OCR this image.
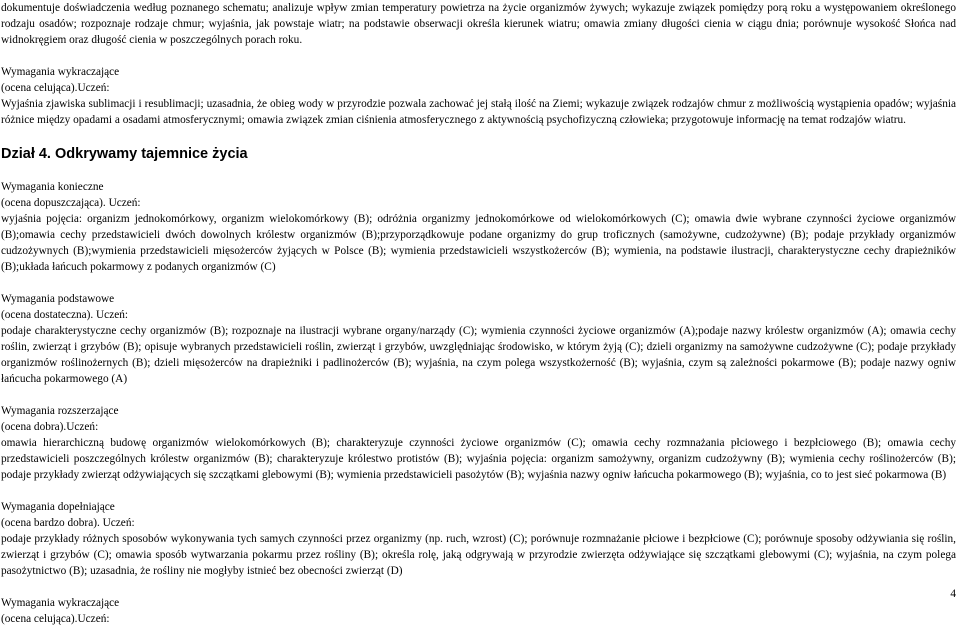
dokumentuje doświadczenia według poznanego schematu; analizuje wpływ zmian temperatury powietrza na życie organizmów żywych; wykazuje związek pomiędzy porą roku a występowaniem określonego rodzaju osadów; rozpoznaje rodzaje chmur; wyjaśnia, jak powstaje wiatr; na podstawie obserwacji określa kierunek wiatru; omawia zmiany długości cienia w ciągu dnia; porównuje wysokość Słońca nad widnokręgiem oraz długość cienia w poszczególnych porach roku.

Wymagania wykraczające
(ocena celująca).Uczeń:

Wyjaśnia zjawiska sublimacji i resublimacji; uzasadnia, że obieg wody w przyrodzie pozwala zachować jej stałą ilość na Ziemi; wykazuje związek rodzajów chmur z możliwością wystąpienia opadów; wyjaśnia różnice między opadami a osadami atmosferycznymi; omawia związek zmian ciśnienia atmosferycznego z aktywnością psychofizyczną człowieka; przygotowuje informację na temat rodzajów wiatru.

Dział 4. Odkrywamy tajemnice życia
Wymagania konieczne
(ocena dopuszczająca). Uczeń:

wyjaśnia pojęcia: organizm jednokomórkowy, organizm wielokomórkowy (B); odróżnia organizmy jednokomórkowe od wielokomórkowych (C); omawia dwie wybrane czynności życiowe organizmów (B);omawia cechy przedstawicieli dwóch dowolnych królestw organizmów (B);przyporządkowuje podane organizmy do grup troficznych (samożywne, cudzożywne) (B); podaje przykłady organizmów cudzożywnych (B);wymienia przedstawicieli mięsożerców żyjących w Polsce (B); wymienia przedstawicieli wszystkożerców (B); wymienia, na podstawie ilustracji, charakterystyczne cechy drapieżników (B);układa łańcuch pokarmowy z podanych organizmów (C)

Wymagania podstawowe
(ocena dostateczna). Uczeń:

podaje charakterystyczne cechy organizmów (B); rozpoznaje na ilustracji wybrane organy/narządy (C); wymienia czynności życiowe organizmów (A);podaje nazwy królestw organizmów (A); omawia cechy roślin, zwierząt i grzybów (B); opisuje wybranych przedstawicieli roślin, zwierząt i grzybów, uwzględniając środowisko, w którym żyją (C); dzieli organizmy na samożywne cudzożywne (C); podaje przykłady organizmów roślinożernych (B); dzieli mięsożerców na drapieżniki i padlinożerców (B); wyjaśnia, na czym polega wszystkożerność (B); wyjaśnia, czym są zależności pokarmowe (B); podaje nazwy ogniw łańcucha pokarmowego (A)

Wymagania rozszerzające
(ocena dobra).Uczeń:

omawia hierarchiczną budowę organizmów wielokomórkowych (B); charakteryzuje czynności życiowe organizmów (C); omawia cechy rozmnażania płciowego i bezpłciowego (B); omawia cechy przedstawicieli poszczególnych królestw organizmów (B); charakteryzuje królestwo protistów (B); wyjaśnia pojęcia: organizm samożywny, organizm cudzożywny (B); wymienia cechy roślinożerców (B); podaje przykłady zwierząt odżywiających się szczątkami glebowymi (B); wymienia przedstawicieli pasożytów (B); wyjaśnia nazwy ogniw łańcucha pokarmowego (B); wyjaśnia, co to jest sieć pokarmowa (B)

Wymagania dopełniające
(ocena bardzo dobra). Uczeń:

podaje przykłady różnych sposobów wykonywania tych samych czynności przez organizmy (np. ruch, wzrost) (C); porównuje rozmnażanie płciowe i bezpłciowe (C); porównuje sposoby odżywiania się roślin, zwierząt i grzybów (C); omawia sposób wytwarzania pokarmu przez rośliny (B); określa rolę, jaką odgrywają w przyrodzie zwierzęta odżywiające się szczątkami glebowymi (C); wyjaśnia, na czym polega pasożytnictwo (B); uzasadnia, że rośliny nie mogłyby istnieć bez obecności zwierząt (D)

Wymagania wykraczające
(ocena celująca).Uczeń:
4
